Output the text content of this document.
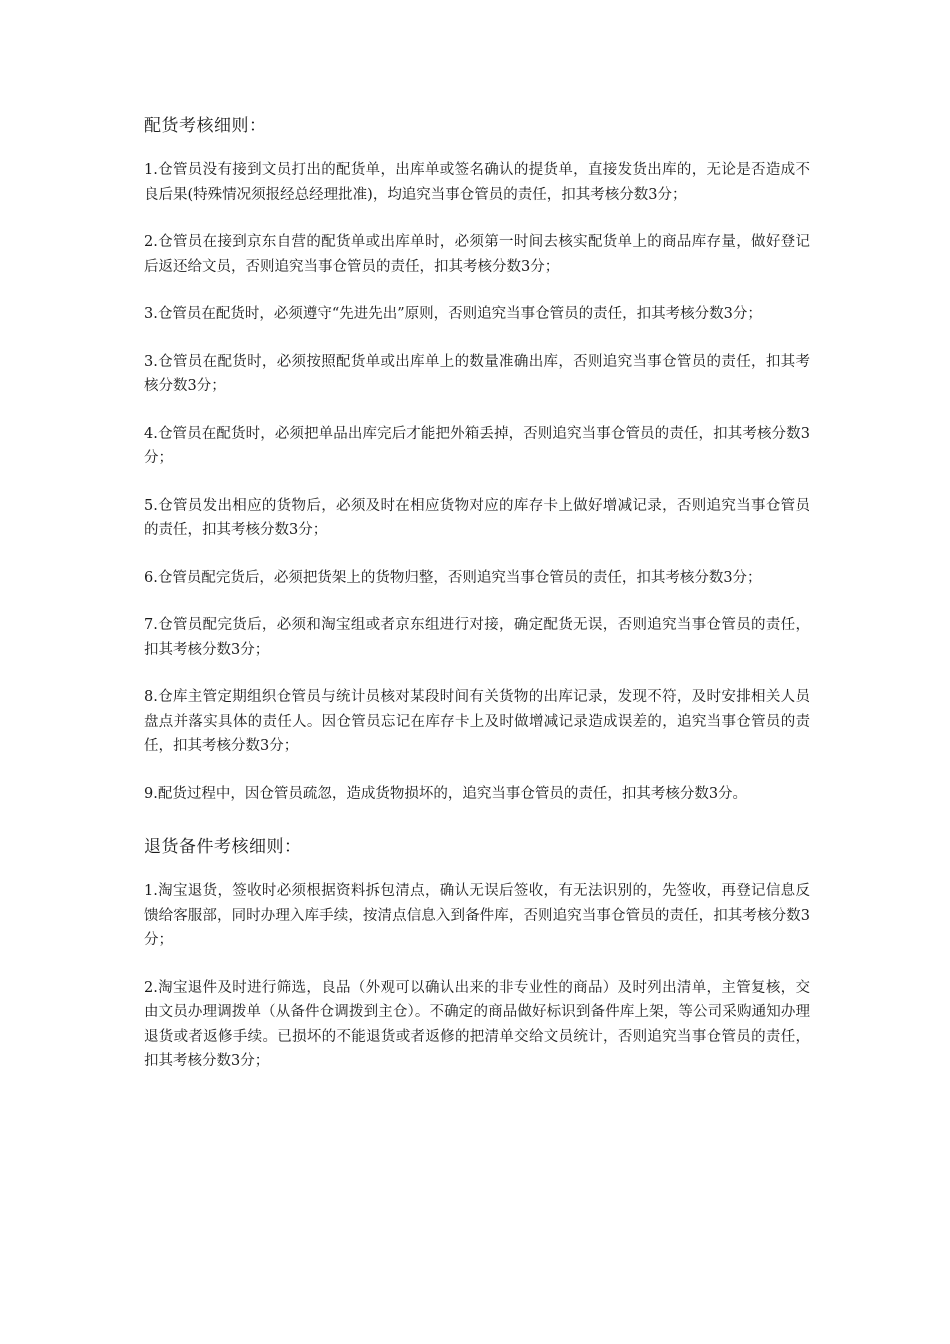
配货考核细则：

1.仓管员没有接到文员打出的配货单，出库单或签名确认的提货单，直接发货出库的，无论是否造成不良后果(特殊情况须报经总经理批准)，均追究当事仓管员的责任，扣其考核分数3分；

2.仓管员在接到京东自营的配货单或出库单时，必须第一时间去核实配货单上的商品库存量，做好登记后返还给文员，否则追究当事仓管员的责任，扣其考核分数3分；

3.仓管员在配货时，必须遵守“先进先出”原则，否则追究当事仓管员的责任，扣其考核分数3分；

3.仓管员在配货时，必须按照配货单或出库单上的数量准确出库，否则追究当事仓管员的责任，扣其考核分数3分；

4.仓管员在配货时，必须把单品出库完后才能把外箱丢掉，否则追究当事仓管员的责任，扣其考核分数3分；

5.仓管员发出相应的货物后，必须及时在相应货物对应的库存卡上做好增减记录，否则追究当事仓管员的责任，扣其考核分数3分；

6.仓管员配完货后，必须把货架上的货物归整，否则追究当事仓管员的责任，扣其考核分数3分；

7.仓管员配完货后，必须和淘宝组或者京东组进行对接，确定配货无误，否则追究当事仓管员的责任，扣其考核分数3分；

8.仓库主管定期组织仓管员与统计员核对某段时间有关货物的出库记录，发现不符，及时安排相关人员盘点并落实具体的责任人。因仓管员忘记在库存卡上及时做增减记录造成误差的，追究当事仓管员的责任，扣其考核分数3分；

9.配货过程中，因仓管员疏忽，造成货物损坏的，追究当事仓管员的责任，扣其考核分数3分。

退货备件考核细则：

1.淘宝退货，签收时必须根据资料拆包清点，确认无误后签收，有无法识别的，先签收，再登记信息反馈给客服部，同时办理入库手续，按清点信息入到备件库，否则追究当事仓管员的责任，扣其考核分数3分；

2.淘宝退件及时进行筛选，良品（外观可以确认出来的非专业性的商品）及时列出清单，主管复核，交由文员办理调拨单（从备件仓调拨到主仓）。不确定的商品做好标识到备件库上架，等公司采购通知办理退货或者返修手续。已损坏的不能退货或者返修的把清单交给文员统计，否则追究当事仓管员的责任，扣其考核分数3分；
